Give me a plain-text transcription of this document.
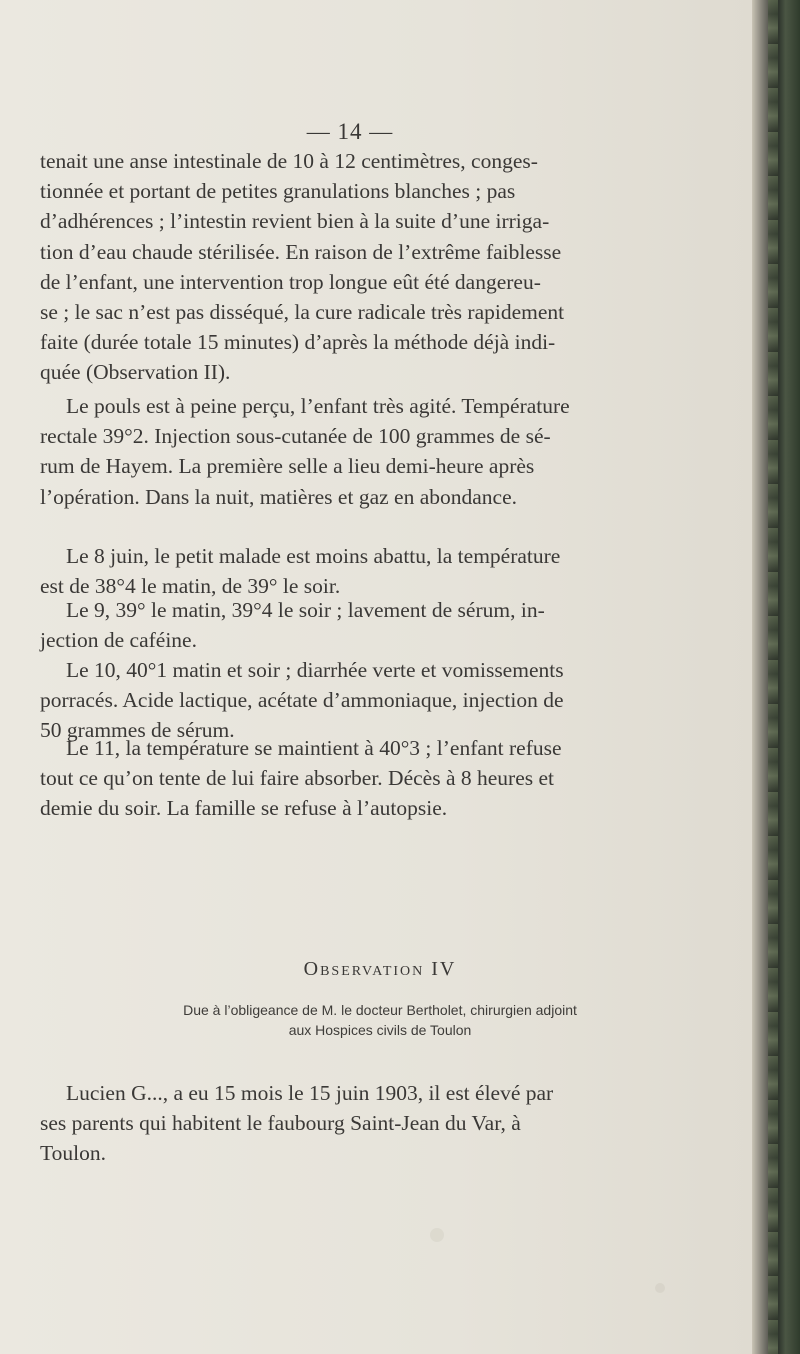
— 14 —
tenait une anse intestinale de 10 à 12 centimètres, conges-
tionnée et portant de petites granulations blanches ; pas
d’adhérences ; l’intestin revient bien à la suite d’une irriga-
tion d’eau chaude stérilisée. En raison de l’extrême faiblesse
de l’enfant, une intervention trop longue eût été dangereu-
se ; le sac n’est pas disséqué, la cure radicale très rapidement
faite (durée totale 15 minutes) d’après la méthode déjà indi-
quée (Observation II).
Le pouls est à peine perçu, l’enfant très agité. Température
rectale 39°2. Injection sous-cutanée de 100 grammes de sé-
rum de Hayem. La première selle a lieu demi-heure après
l’opération. Dans la nuit, matières et gaz en abondance.
Le 8 juin, le petit malade est moins abattu, la température
est de 38°4 le matin, de 39° le soir.
Le 9, 39° le matin, 39°4 le soir ; lavement de sérum, in-
jection de caféine.
Le 10, 40°1 matin et soir ; diarrhée verte et vomissements
porracés. Acide lactique, acétate d’ammoniaque, injection de
50 grammes de sérum.
Le 11, la température se maintient à 40°3 ; l’enfant refuse
tout ce qu’on tente de lui faire absorber. Décès à 8 heures et
demie du soir. La famille se refuse à l’autopsie.
Observation IV
Due à l’obligeance de M. le docteur Bertholet, chirurgien adjoint
aux Hospices civils de Toulon
Lucien G..., a eu 15 mois le 15 juin 1903, il est élevé par
ses parents qui habitent le faubourg Saint-Jean du Var, à
Toulon.
